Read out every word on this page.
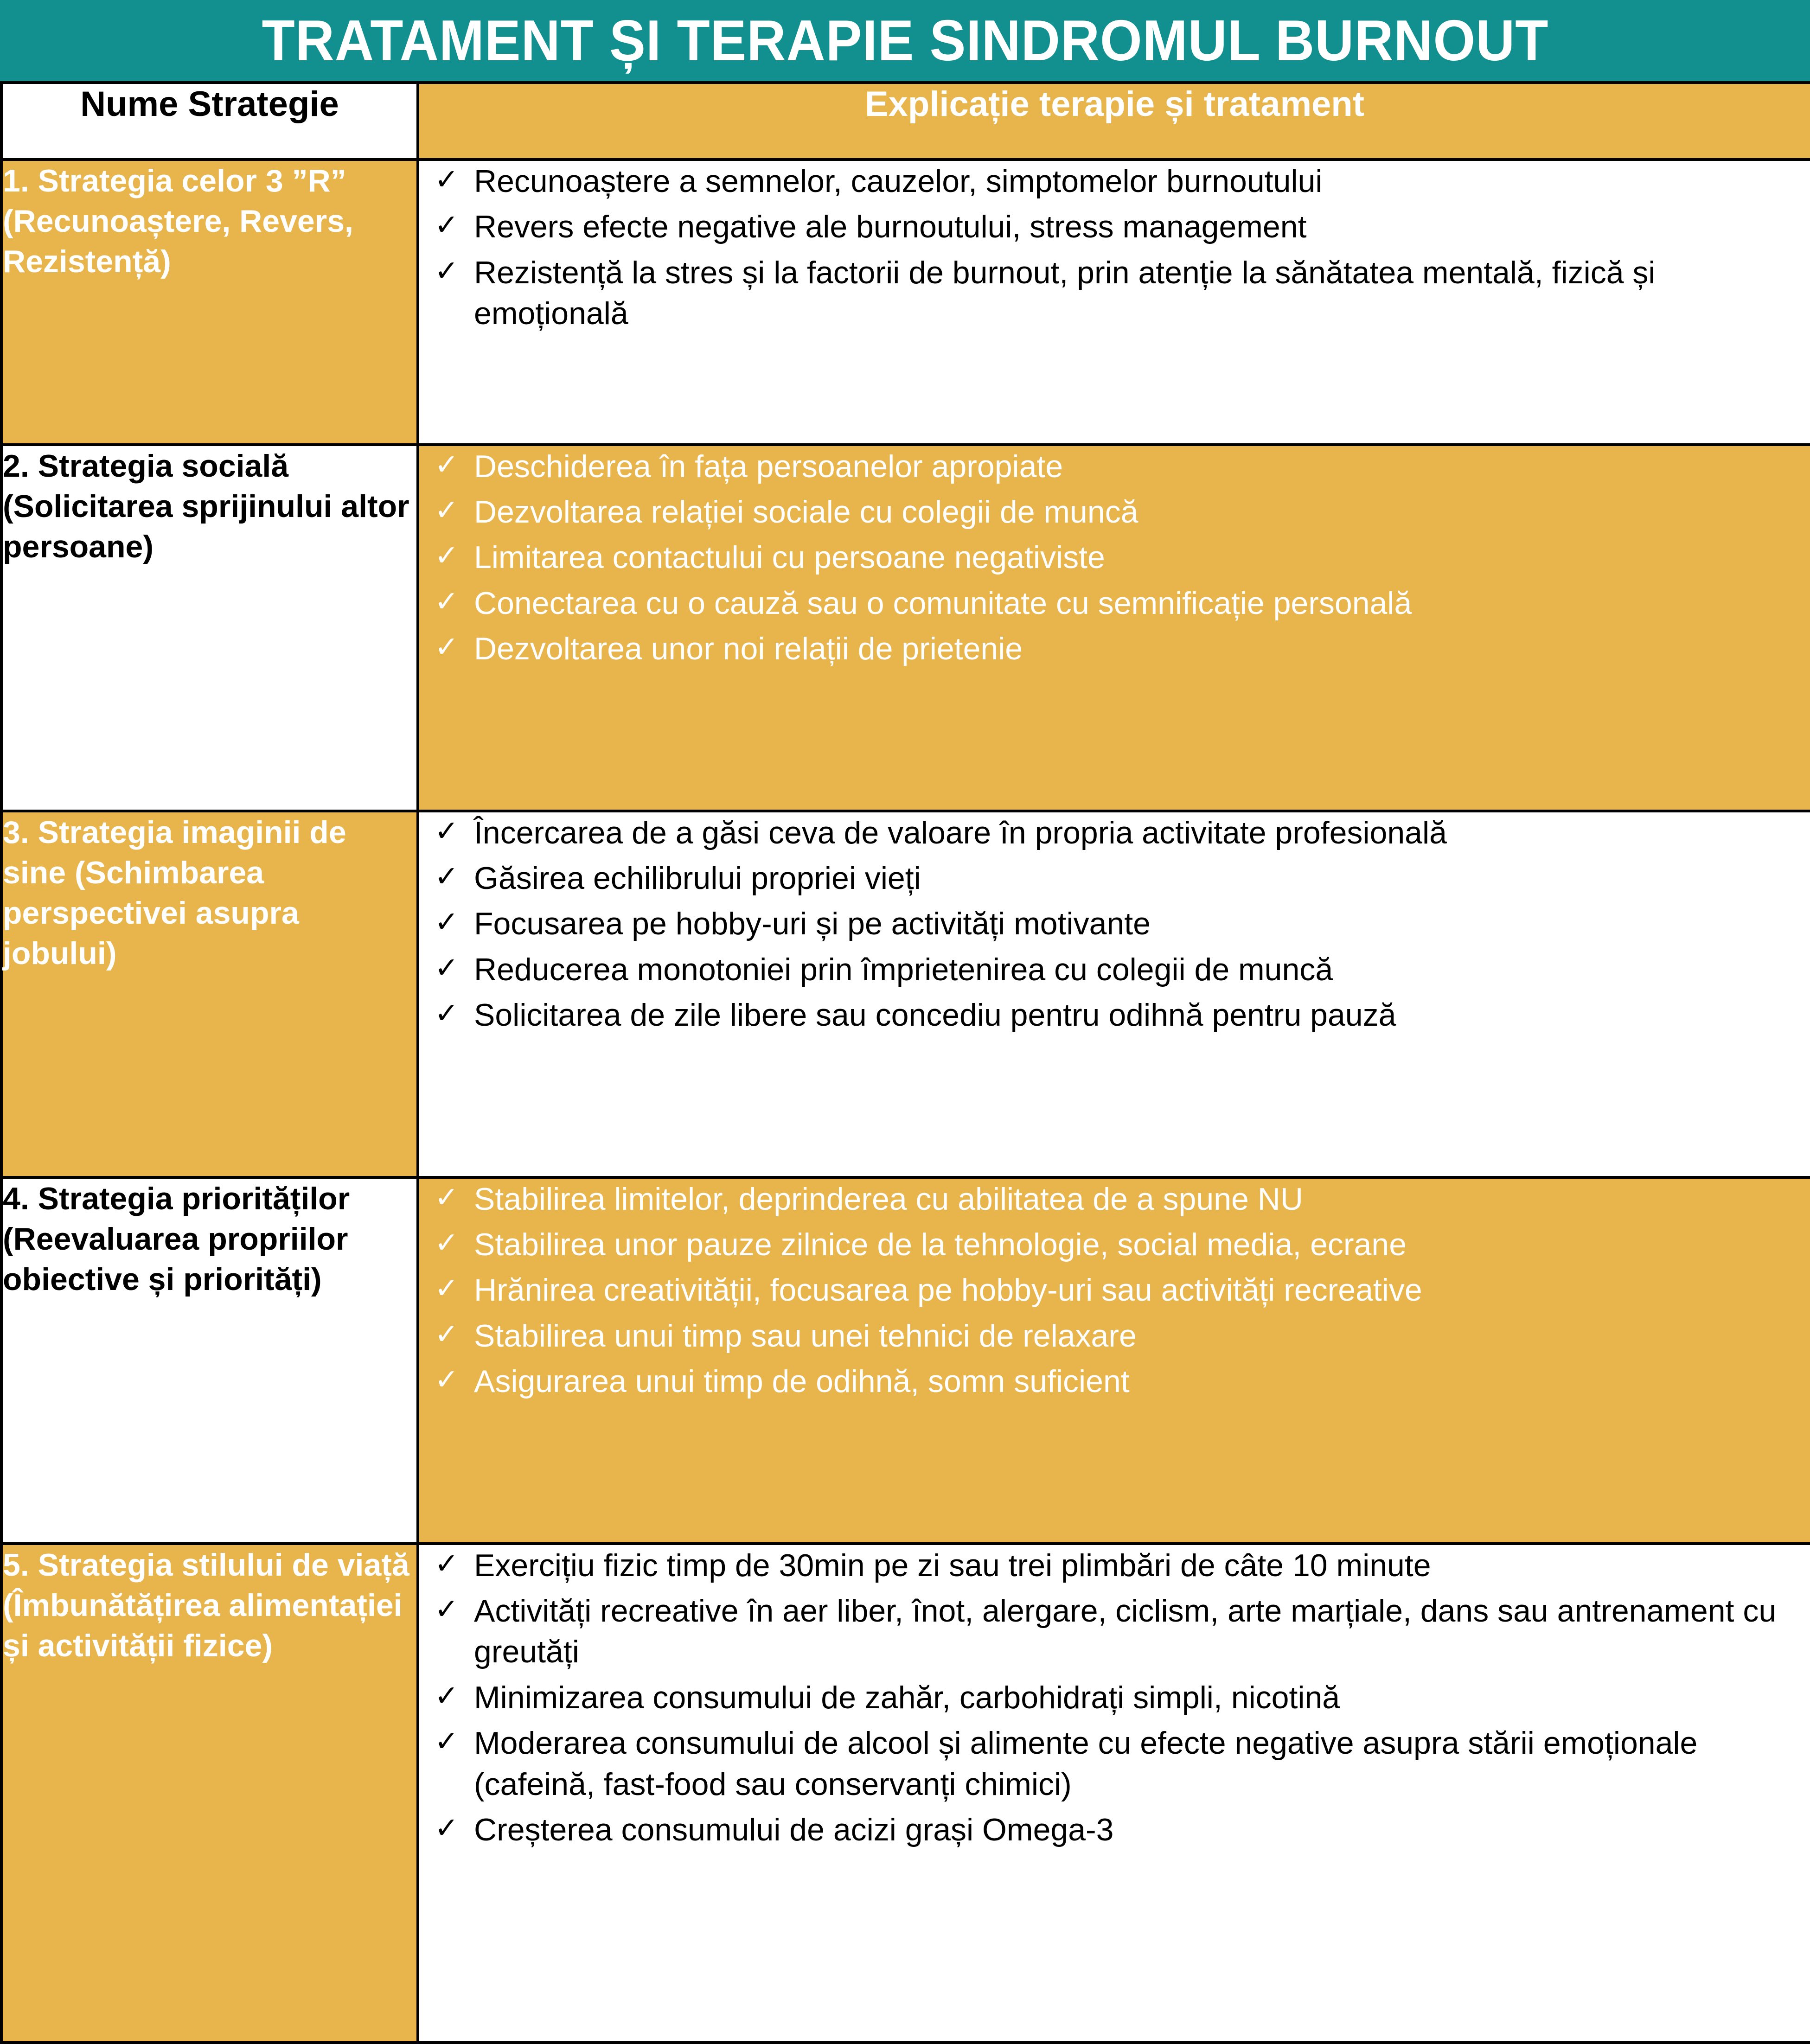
TRATAMENT ȘI TERAPIE SINDROMUL BURNOUT
Nume Strategie	Explicație terapie și tratament
1. Strategia celor 3 ”R” (Recunoaștere, Revers, Rezistență)	
✓ Recunoaștere a semnelor, cauzelor, simptomelor burnoutului
✓ Revers efecte negative ale burnoutului, stress management
✓ Rezistență la stres și la factorii de burnout, prin atenție la sănătatea mentală, fizică și emoțională

2. Strategia socială (Solicitarea sprijinului altor persoane)	
✓ Deschiderea în fața persoanelor apropiate
✓ Dezvoltarea relației sociale cu colegii de muncă
✓ Limitarea contactului cu persoane negativiste
✓ Conectarea cu o cauză sau o comunitate cu semnificație personală
✓ Dezvoltarea unor noi relații de prietenie

3. Strategia imaginii de sine (Schimbarea perspectivei asupra jobului)	
✓ Încercarea de a găsi ceva de valoare în propria activitate profesională
✓ Găsirea echilibrului propriei vieți
✓ Focusarea pe hobby-uri și pe activități motivante
✓ Reducerea monotoniei prin împrietenirea cu colegii de muncă
✓ Solicitarea de zile libere sau concediu pentru odihnă pentru pauză

4. Strategia priorităților (Reevaluarea propriilor obiective și priorități)	
✓ Stabilirea limitelor, deprinderea cu abilitatea de a spune NU
✓ Stabilirea unor pauze zilnice de la tehnologie, social media, ecrane
✓ Hrănirea creativității, focusarea pe hobby-uri sau activități recreative
✓ Stabilirea unui timp sau unei tehnici de relaxare
✓ Asigurarea unui timp de odihnă, somn suficient

5. Strategia stilului de viață (Îmbunătățirea alimentației și activității fizice)	
✓ Exercițiu fizic timp de 30min pe zi sau trei plimbări de câte 10 minute
✓ Activități recreative în aer liber, înot, alergare, ciclism, arte marțiale, dans sau antrenament cu greutăți
✓ Minimizarea consumului de zahăr, carbohidrați simpli, nicotină
✓ Moderarea consumului de alcool și alimente cu efecte negative asupra stării emoționale (cafeină, fast-food sau conservanți chimici)
✓ Creșterea consumului de acizi grași Omega-3
